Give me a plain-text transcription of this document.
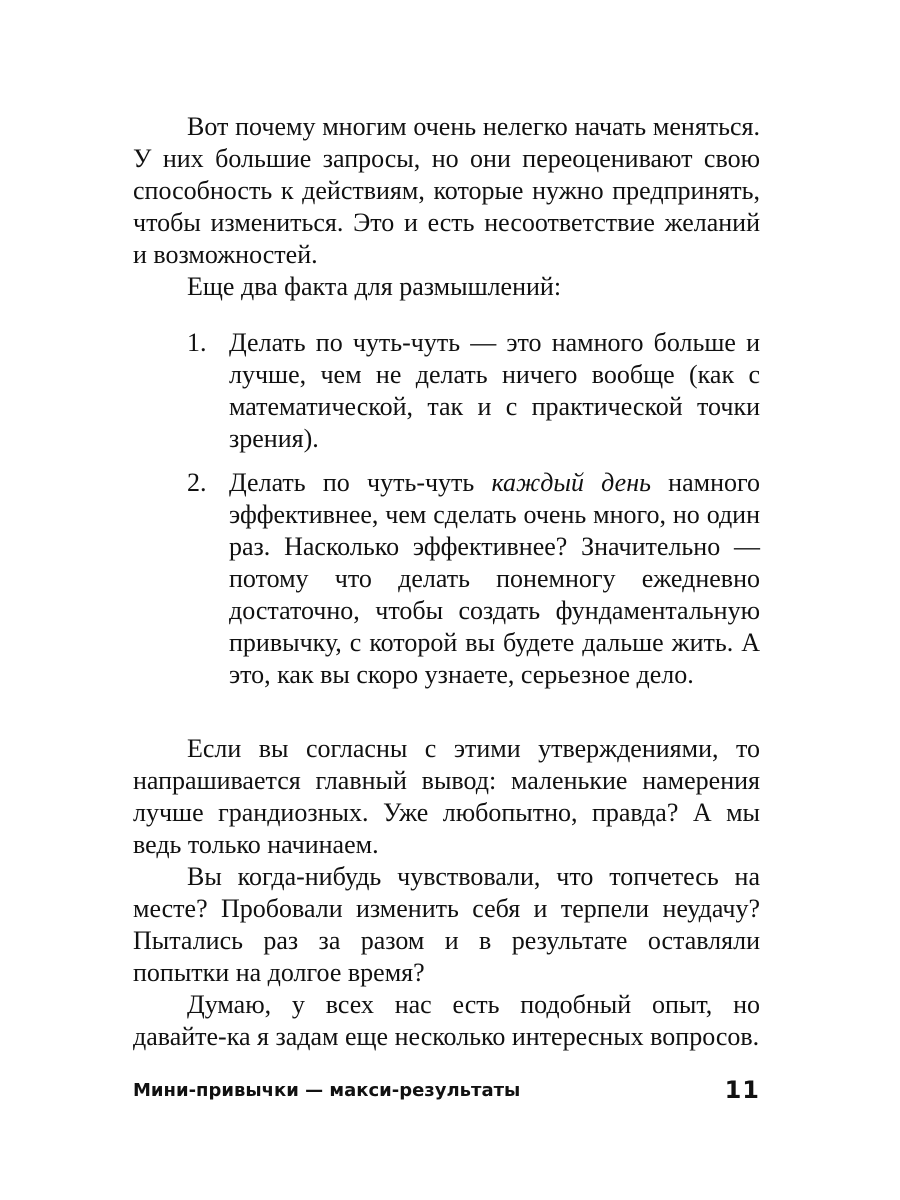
Вот почему многим очень нелегко начать меняться. У них большие запросы, но они переоценивают свою способность к действиям, которые нужно предпринять, чтобы измениться. Это и есть несоответствие желаний и возможностей.

Еще два факта для размышлений:

1. Делать по чуть-чуть — это намного больше и лучше, чем не делать ничего вообще (как с математической, так и с практической точки зрения).
2. Делать по чуть-чуть каждый день намного эффективнее, чем сделать очень много, но один раз. Насколько эффективнее? Значительно — потому что делать понемногу ежедневно достаточно, чтобы создать фундаментальную привычку, с которой вы будете дальше жить. А это, как вы скоро узнаете, серьезное дело.

Если вы согласны с этими утверждениями, то напрашивается главный вывод: маленькие намерения лучше грандиозных. Уже любопытно, правда? А мы ведь только начинаем.

Вы когда-нибудь чувствовали, что топчетесь на месте? Пробовали изменить себя и терпели неудачу? Пытались раз за разом и в результате оставляли попытки на долгое время?

Думаю, у всех нас есть подобный опыт, но давайте-ка я задам еще несколько интересных вопросов.

Мини-привычки — макси-результаты	11
